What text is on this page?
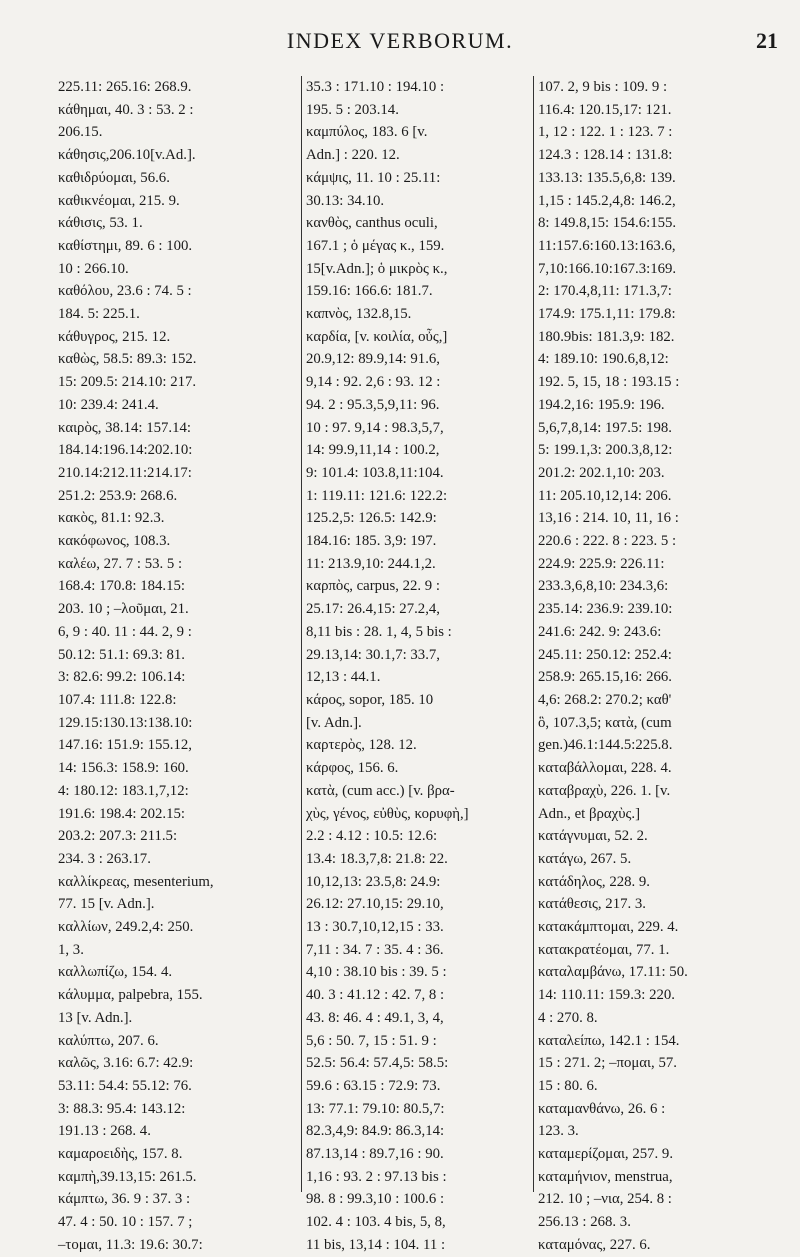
INDEX VERBORUM.	21
225.11: 265.16: 268.9.
κάθημαι, 40. 3 : 53. 2 :
206.15.
κάθησις,206.10[v.Ad.].
καθιδρύομαι, 56.6.
καθικνέομαι, 215. 9.
κάθισις, 53. 1.
καθίστημι, 89. 6 : 100.
10 : 266.10.
καθόλου, 23.6 : 74. 5 :
184. 5: 225.1.
κάθυγρος, 215. 12.
καθὼς, 58.5: 89.3: 152.
15: 209.5: 214.10: 217.
10: 239.4: 241.4.
καιρὸς, 38.14: 157.14:
184.14:196.14:202.10:
210.14:212.11:214.17:
251.2: 253.9: 268.6.
κακὸς, 81.1: 92.3.
κακόφωνος, 108.3.
καλέω, 27. 7 : 53. 5 :
168.4: 170.8: 184.15:
203. 10 ; –λοῦμαι, 21.
6, 9 : 40. 11 : 44. 2, 9 :
50.12: 51.1: 69.3: 81.
3: 82.6: 99.2: 106.14:
107.4: 111.8: 122.8:
129.15:130.13:138.10:
147.16: 151.9: 155.12,
14: 156.3: 158.9: 160.
4: 180.12: 183.1,7,12:
191.6: 198.4: 202.15:
203.2: 207.3: 211.5:
234. 3 : 263.17.
καλλίκρεας, mesenterium,
77. 15 [v. Adn.].
καλλίων, 249.2,4: 250.
1, 3.
καλλωπίζω, 154. 4.
κάλυμμα, palpebra, 155.
13 [v. Adn.].
καλύπτω, 207. 6.
καλῶς, 3.16: 6.7: 42.9:
53.11: 54.4: 55.12: 76.
3: 88.3: 95.4: 143.12:
191.13 : 268. 4.
καμαροειδὴς, 157. 8.
καμπὴ,39.13,15: 261.5.
κάμπτω, 36. 9 : 37. 3 :
47. 4 : 50. 10 : 157. 7 ;
–τομαι, 11.3: 19.6: 30.7:
35.3 : 171.10 : 194.10 :
195. 5 : 203.14.
καμπύλος, 183. 6 [v.
Adn.] : 220. 12.
κάμψις, 11. 10 : 25.11:
30.13: 34.10.
κανθὸς, canthus oculi,
167.1 ; ὁ μέγας κ., 159.
15[v.Adn.]; ὁ μικρὸς κ.,
159.16: 166.6: 181.7.
καπνὸς, 132.8,15.
καρδία, [v. κοιλία, οὖς,]
20.9,12: 89.9,14: 91.6,
9,14 : 92. 2,6 : 93. 12 :
94. 2 : 95.3,5,9,11: 96.
10 : 97. 9,14 : 98.3,5,7,
14: 99.9,11,14 : 100.2,
9: 101.4: 103.8,11:104.
1: 119.11: 121.6: 122.2:
125.2,5: 126.5: 142.9:
184.16: 185. 3,9: 197.
11: 213.9,10: 244.1,2.
καρπὸς, carpus, 22. 9 :
25.17: 26.4,15: 27.2,4,
8,11 bis : 28. 1, 4, 5 bis :
29.13,14: 30.1,7: 33.7,
12,13 : 44.1.
κάρος, sopor, 185. 10
[v. Adn.].
καρτερὸς, 128. 12.
κάρφος, 156. 6.
κατὰ, (cum acc.) [v. βρα-
χὺς, γένος, εὐθὺς, κορυφὴ,]
2.2 : 4.12 : 10.5: 12.6:
13.4: 18.3,7,8: 21.8: 22.
10,12,13: 23.5,8: 24.9:
26.12: 27.10,15: 29.10,
13 : 30.7,10,12,15 : 33.
7,11 : 34. 7 : 35. 4 : 36.
4,10 : 38.10 bis : 39. 5 :
40. 3 : 41.12 : 42. 7, 8 :
43. 8: 46. 4 : 49.1, 3, 4,
5,6 : 50. 7, 15 : 51. 9 :
52.5: 56.4: 57.4,5: 58.5:
59.6 : 63.15 : 72.9: 73.
13: 77.1: 79.10: 80.5,7:
82.3,4,9: 84.9: 86.3,14:
87.13,14 : 89.7,16 : 90.
1,16 : 93. 2 : 97.13 bis :
98. 8 : 99.3,10 : 100.6 :
102. 4 : 103. 4 bis, 5, 8,
11 bis, 13,14 : 104. 11 :
107. 2, 9 bis : 109. 9 :
116.4: 120.15,17: 121.
1, 12 : 122. 1 : 123. 7 :
124.3 : 128.14 : 131.8:
133.13: 135.5,6,8: 139.
1,15 : 145.2,4,8: 146.2,
8: 149.8,15: 154.6:155.
11:157.6:160.13:163.6,
7,10:166.10:167.3:169.
2: 170.4,8,11: 171.3,7:
174.9: 175.1,11: 179.8:
180.9bis: 181.3,9: 182.
4: 189.10: 190.6,8,12:
192. 5, 15, 18 : 193.15 :
194.2,16: 195.9: 196.
5,6,7,8,14: 197.5: 198.
5: 199.1,3: 200.3,8,12:
201.2: 202.1,10: 203.
11: 205.10,12,14: 206.
13,16 : 214. 10, 11, 16 :
220.6 : 222. 8 : 223. 5 :
224.9: 225.9: 226.11:
233.3,6,8,10: 234.3,6:
235.14: 236.9: 239.10:
241.6: 242. 9: 243.6:
245.11: 250.12: 252.4:
258.9: 265.15,16: 266.
4,6: 268.2: 270.2; καθ'
ὃ, 107.3,5; κατὰ, (cum
gen.)46.1:144.5:225.8.
καταβάλλομαι, 228. 4.
καταβραχὺ, 226. 1. [v.
Adn., et βραχὺς.]
κατάγνυμαι, 52. 2.
κατάγω, 267. 5.
κατάδηλος, 228. 9.
κατάθεσις, 217. 3.
κατακάμπτομαι, 229. 4.
κατακρατέομαι, 77. 1.
καταλαμβάνω, 17.11: 50.
14: 110.11: 159.3: 220.
4 : 270. 8.
καταλείπω, 142.1 : 154.
15 : 271. 2; –πομαι, 57.
15 : 80. 6.
καταμανθάνω, 26. 6 :
123. 3.
καταμερίζομαι, 257. 9.
καταμήνιον, menstrua,
212. 10 ; –νια, 254. 8 :
256.13 : 268. 3.
καταμόνας, 227. 6.
